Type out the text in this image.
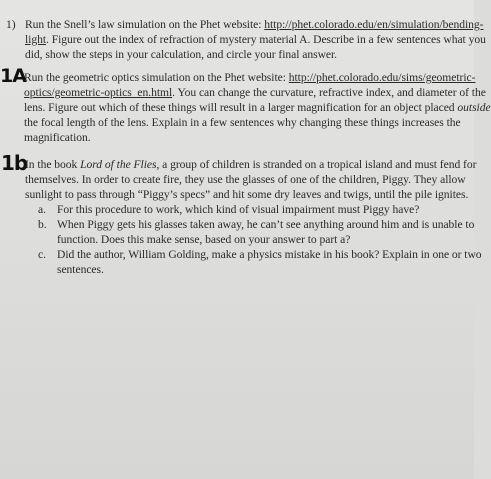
1) Run the Snell’s law simulation on the Phet website: http://phet.colorado.edu/en/simulation/bending-
light. Figure out the index of refraction of mystery material A. Describe in a few sentences what you
did, show the steps in your calculation, and circle your final answer.
1A
Run the geometric optics simulation on the Phet website: http://phet.colorado.edu/sims/geometric-
optics/geometric-optics_en.html. You can change the curvature, refractive index, and diameter of the
lens. Figure out which of these things will result in a larger magnification for an object placed outside
the focal length of the lens. Explain in a few sentences why changing these things increases the
magnification.
1b
In the book Lord of the Flies, a group of children is stranded on a tropical island and must fend for
themselves. In order to create fire, they use the glasses of one of the children, Piggy. They allow
sunlight to pass through “Piggy’s specs” and hit some dry leaves and twigs, until the pile ignites.
a. For this procedure to work, which kind of visual impairment must Piggy have?
b. When Piggy gets his glasses taken away, he can’t see anything around him and is unable to
function. Does this make sense, based on your answer to part a?
c. Did the author, William Golding, make a physics mistake in his book? Explain in one or two
sentences.
